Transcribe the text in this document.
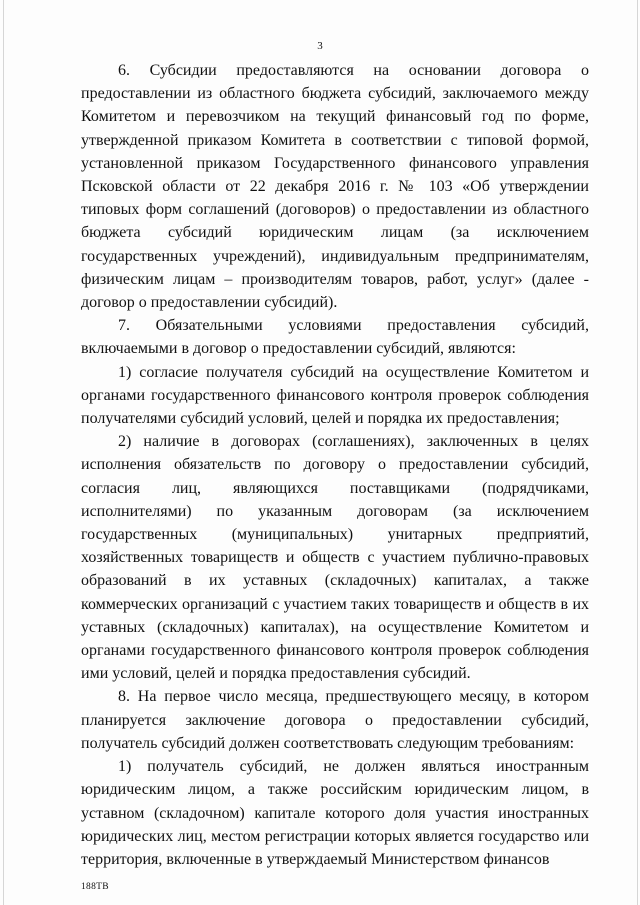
3

6. Субсидии предоставляются на основании договора о предоставлении из областного бюджета субсидий, заключаемого между Комитетом и перевозчиком на текущий финансовый год по форме, утвержденной приказом Комитета в соответствии с типовой формой, установленной приказом Государственного финансового управления Псковской области от 22 декабря 2016 г. № 103 «Об утверждении типовых форм соглашений (договоров) о предоставлении из областного бюджета субсидий юридическим лицам (за исключением государственных учреждений), индивидуальным предпринимателям, физическим лицам – производителям товаров, работ, услуг» (далее - договор о предоставлении субсидий).

7. Обязательными условиями предоставления субсидий, включаемыми в договор о предоставлении субсидий, являются:

1) согласие получателя субсидий на осуществление Комитетом и органами государственного финансового контроля проверок соблюдения получателями субсидий условий, целей и порядка их предоставления;

2) наличие в договорах (соглашениях), заключенных в целях исполнения обязательств по договору о предоставлении субсидий, согласия лиц, являющихся поставщиками (подрядчиками, исполнителями) по указанным договорам (за исключением государственных (муниципальных) унитарных предприятий, хозяйственных товариществ и обществ с участием публично-правовых образований в их уставных (складочных) капиталах, а также коммерческих организаций с участием таких товариществ и обществ в их уставных (складочных) капиталах), на осуществление Комитетом и органами государственного финансового контроля проверок соблюдения ими условий, целей и порядка предоставления субсидий.

8. На первое число месяца, предшествующего месяцу, в котором планируется заключение договора о предоставлении субсидий, получатель субсидий должен соответствовать следующим требованиям:

1) получатель субсидий, не должен являться иностранным юридическим лицом, а также российским юридическим лицом, в уставном (складочном) капитале которого доля участия иностранных юридических лиц, местом регистрации которых является государство или территория, включенные в утверждаемый Министерством финансов

188ТВ
